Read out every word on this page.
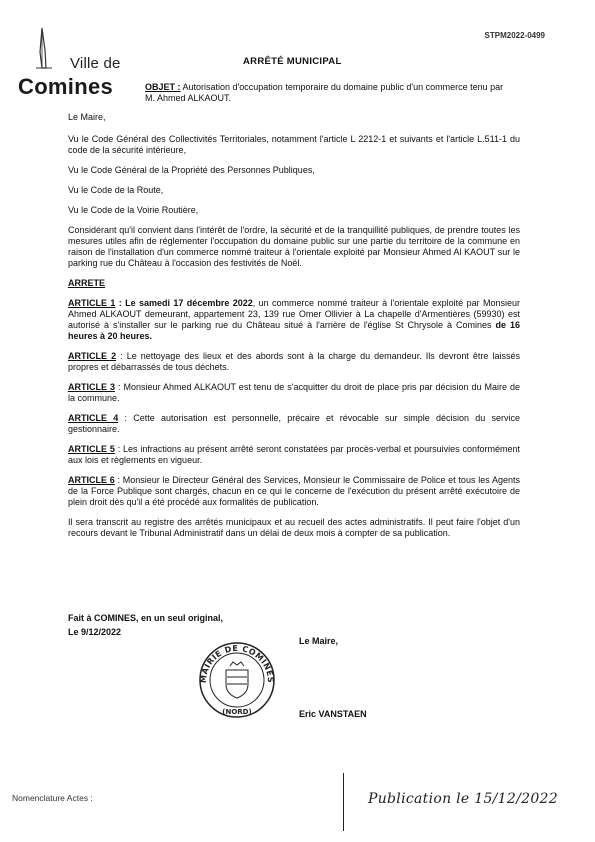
Ville de
Comines
STPM2022-0499
ARRÊTÉ MUNICIPAL
OBJET : Autorisation d'occupation temporaire du domaine public d'un commerce tenu par M. Ahmed ALKAOUT.

Le Maire,

Vu le Code Général des Collectivités Territoriales, notamment l'article L 2212-1 et suivants et l'article L.511-1 du code de la sécurité intérieure,

Vu le Code Général de la Propriété des Personnes Publiques,

Vu le Code de la Route,

Vu le Code de la Voirie Routière,

Considérant qu'il convient dans l'intérêt de l'ordre, la sécurité et de la tranquillité publiques, de prendre toutes les mesures utiles afin de réglementer l'occupation du domaine public sur une partie du territoire de la commune en raison de l'installation d'un commerce nommé traiteur à l'orientale exploité par Monsieur Ahmed Al KAOUT sur le parking rue du Château à l'occasion des festivités de Noël.

ARRETE

ARTICLE 1 : Le samedi 17 décembre 2022, un commerce nommé traiteur à l'orientale exploité par Monsieur Ahmed ALKAOUT demeurant, appartement 23, 139 rue Omer Ollivier à La chapelle d'Armentières (59930) est autorisé à s'installer sur le parking rue du Château situé à l'arrière de l'église St Chrysole à Comines de 16 heures à 20 heures.

ARTICLE 2 : Le nettoyage des lieux et des abords sont à la charge du demandeur. Ils devront être laissés propres et débarrassés de tous déchets.

ARTICLE 3 : Monsieur Ahmed ALKAOUT est tenu de s'acquitter du droit de place pris par décision du Maire de la commune.

ARTICLE 4 : Cette autorisation est personnelle, précaire et révocable sur simple décision du service gestionnaire.

ARTICLE 5 : Les infractions au présent arrêté seront constatées par procès-verbal et poursuivies conformément aux lois et règlements en vigueur.

ARTICLE 6 : Monsieur le Directeur Général des Services, Monsieur le Commissaire de Police et tous les Agents de la Force Publique sont chargés, chacun en ce qui le concerne de l'exécution du présent arrêté exécutoire de plein droit dès qu'il a été procédé aux formalités de publication.

Il sera transcrit au registre des arrêtés municipaux et au recueil des actes administratifs. Il peut faire l'objet d'un recours devant le Tribunal Administratif dans un délai de deux mois à compter de sa publication.

Fait à COMINES, en un seul original,
Le 9/12/2022
Le Maire,
MAIRIE DE COMINES
(NORD)	Eric VANSTAEN
Nomenclature Actes :	Publication le 15/12/2022
